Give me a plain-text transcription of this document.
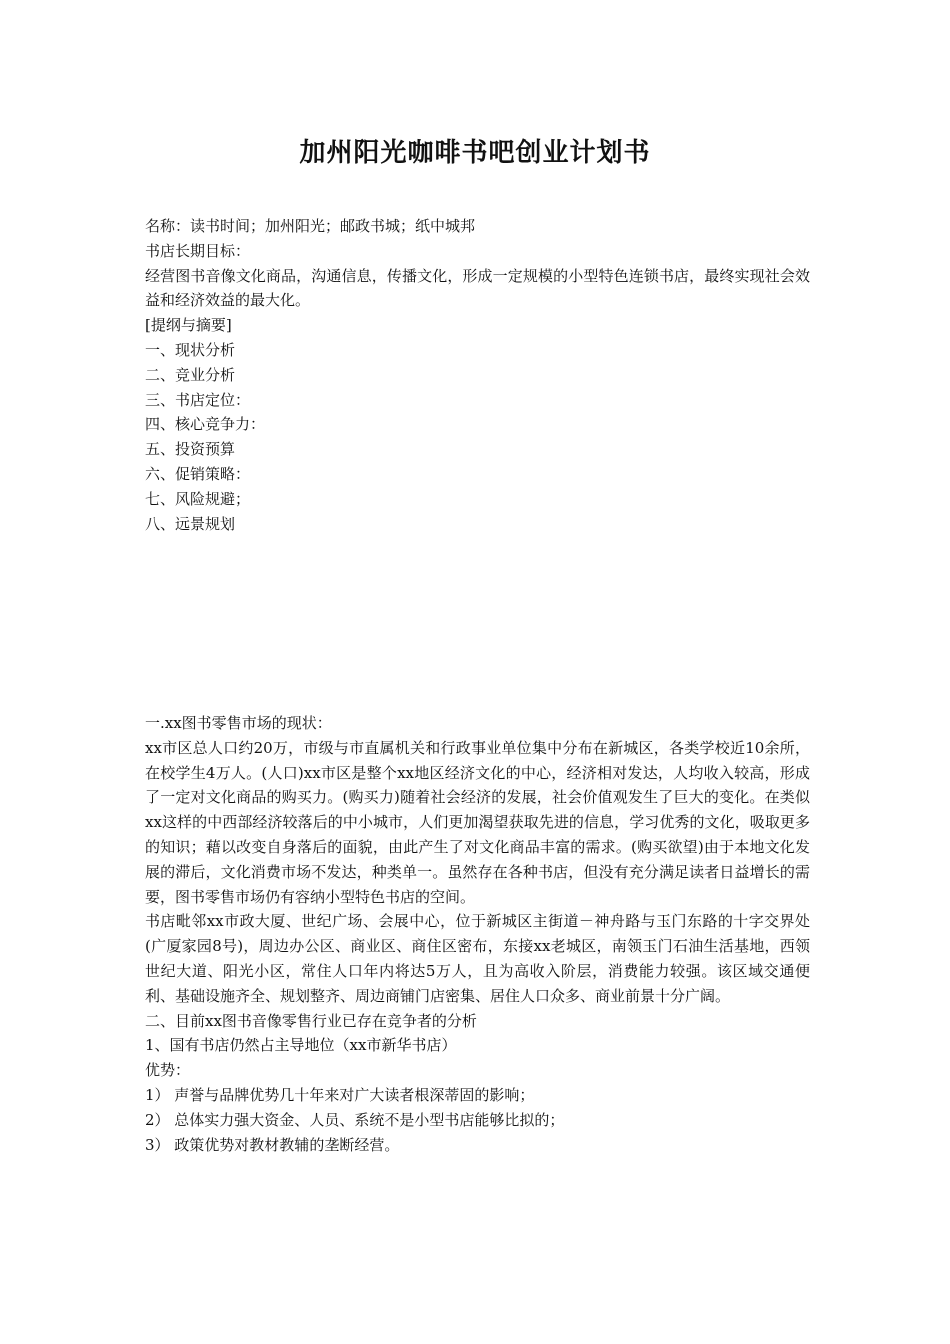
加州阳光咖啡书吧创业计划书
名称：读书时间；加州阳光；邮政书城；纸中城邦
书店长期目标：
经营图书音像文化商品，沟通信息，传播文化，形成一定规模的小型特色连锁书店，最终实现社会效益和经济效益的最大化。
[提纲与摘要]
一、现状分析
二、竞业分析
三、书店定位：
四、核心竞争力：
五、投资预算
六、促销策略：
七、风险规避；
八、远景规划
一.xx图书零售市场的现状：
xx市区总人口约20万，市级与市直属机关和行政事业单位集中分布在新城区，各类学校近10余所，在校学生4万人。(人口)xx市区是整个xx地区经济文化的中心，经济相对发达，人均收入较高，形成了一定对文化商品的购买力。(购买力)随着社会经济的发展，社会价值观发生了巨大的变化。在类似xx这样的中西部经济较落后的中小城市，人们更加渴望获取先进的信息，学习优秀的文化，吸取更多的知识；藉以改变自身落后的面貌，由此产生了对文化商品丰富的需求。(购买欲望)由于本地文化发展的滞后，文化消费市场不发达，种类单一。虽然存在各种书店，但没有充分满足读者日益增长的需要，图书零售市场仍有容纳小型特色书店的空间。
书店毗邻xx市政大厦、世纪广场、会展中心，位于新城区主街道－神舟路与玉门东路的十字交界处(广厦家园8号)，周边办公区、商业区、商住区密布，东接xx老城区，南领玉门石油生活基地，西领世纪大道、阳光小区，常住人口年内将达5万人，且为高收入阶层，消费能力较强。该区域交通便利、基础设施齐全、规划整齐、周边商铺门店密集、居住人口众多、商业前景十分广阔。
二、目前xx图书音像零售行业已存在竞争者的分析
1、国有书店仍然占主导地位（xx市新华书店）
优势：
1） 声誉与品牌优势几十年来对广大读者根深蒂固的影响；
2） 总体实力强大资金、人员、系统不是小型书店能够比拟的；
3） 政策优势对教材教辅的垄断经营。
